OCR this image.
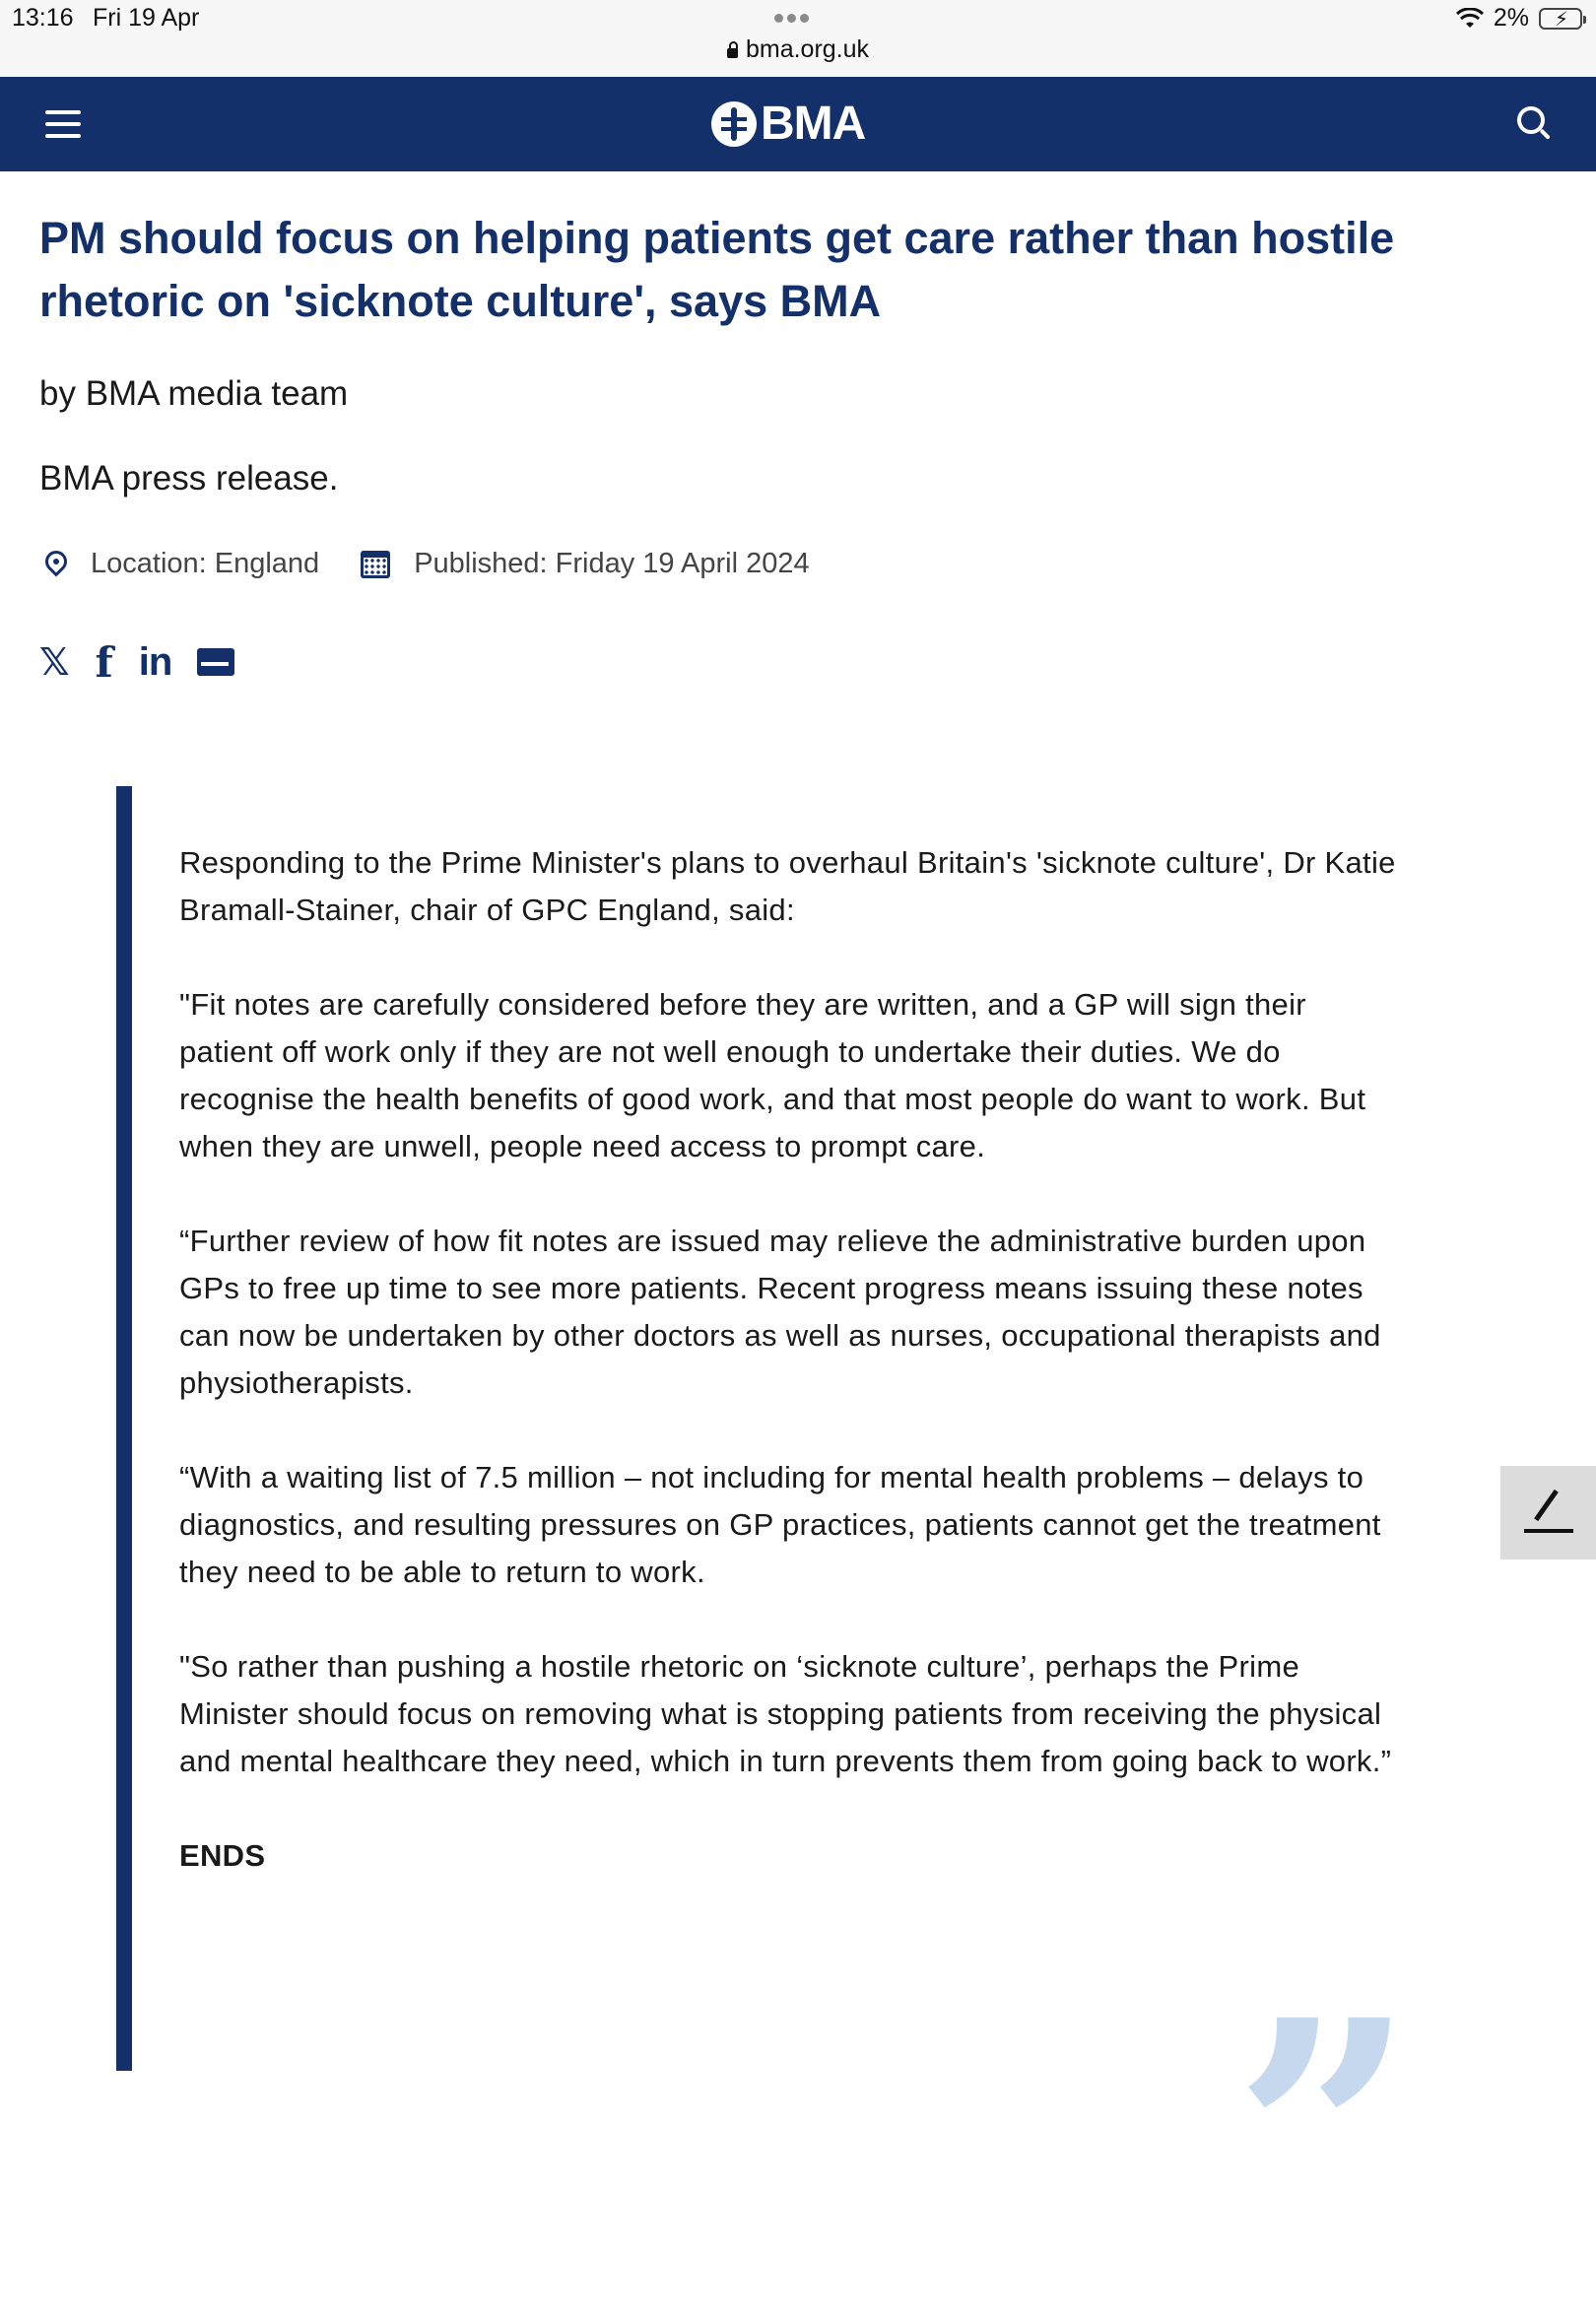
13:16 Fri 19 Apr	2% ⚡
bma.org.uk
BMA
PM should focus on helping patients get care rather than hostile rhetoric on 'sicknote culture', says BMA
by BMA media team
BMA press release.
Location: England	Published: Friday 19 April 2024
𝕏 f in

Responding to the Prime Minister's plans to overhaul Britain's 'sicknote culture', Dr Katie Bramall-Stainer, chair of GPC England, said:

"Fit notes are carefully considered before they are written, and a GP will sign their patient off work only if they are not well enough to undertake their duties. We do recognise the health benefits of good work, and that most people do want to work. But when they are unwell, people need access to prompt care.

“Further review of how fit notes are issued may relieve the administrative burden upon GPs to free up time to see more patients. Recent progress means issuing these notes can now be undertaken by other doctors as well as nurses, occupational therapists and physiotherapists.

“With a waiting list of 7.5 million – not including for mental health problems – delays to diagnostics, and resulting pressures on GP practices, patients cannot get the treatment they need to be able to return to work.

"So rather than pushing a hostile rhetoric on ‘sicknote culture’, perhaps the Prime Minister should focus on removing what is stopping patients from receiving the physical and mental healthcare they need, which in turn prevents them from going back to work.”

ENDS

”
